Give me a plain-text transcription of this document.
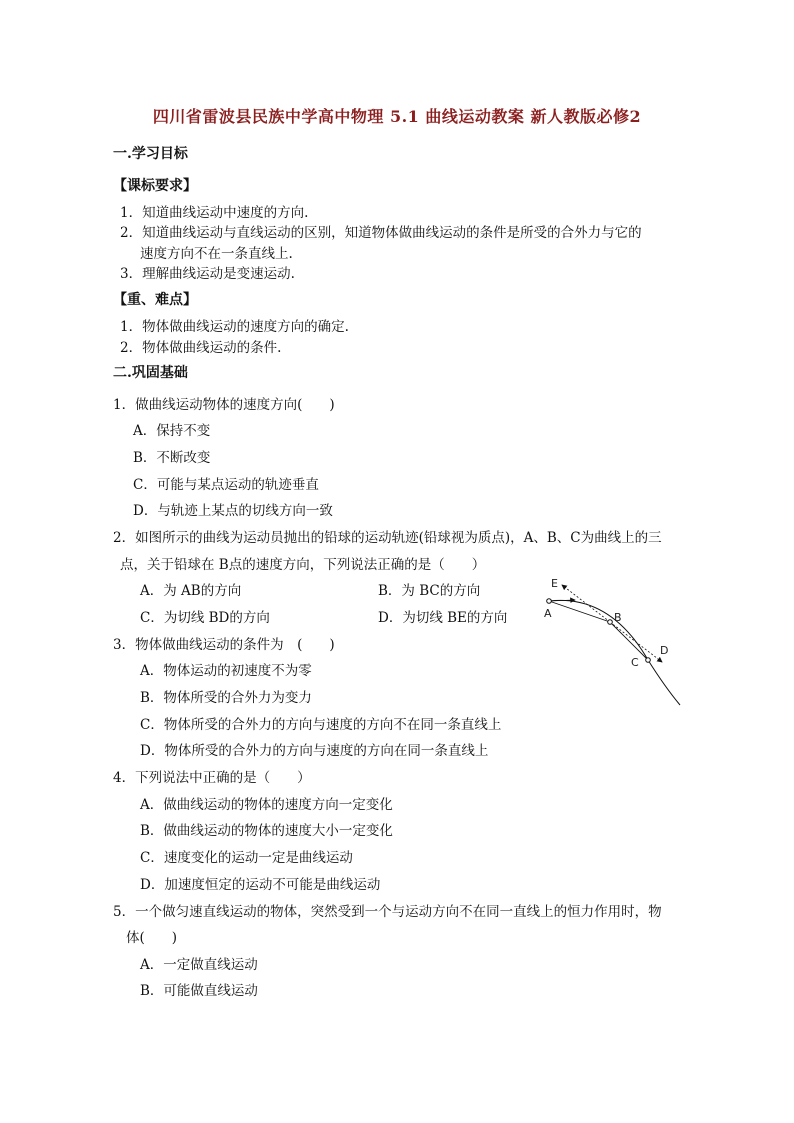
四川省雷波县民族中学高中物理 5.1 曲线运动教案 新人教版必修2
一.学习目标
【课标要求】
1．知道曲线运动中速度的方向.
2．知道曲线运动与直线运动的区别，知道物体做曲线运动的条件是所受的合外力与它的
速度方向不在一条直线上.
3．理解曲线运动是变速运动.
【重、难点】
1．物体做曲线运动的速度方向的确定.
2．物体做曲线运动的条件.
二.巩固基础
1．做曲线运动物体的速度方向(　　)
A．保持不变
B．不断改变
C．可能与某点运动的轨迹垂直
D．与轨迹上某点的切线方向一致
2．如图所示的曲线为运动员抛出的铅球的运动轨迹(铅球视为质点)，A、B、C为曲线上的三
点，关于铅球在 B点的速度方向，下列说法正确的是（　　）
A．为 AB的方向	B．为 BC的方向
C．为切线 BD的方向	D．为切线 BE的方向
E
A	B
C
D
3．物体做曲线运动的条件为　(　　)
A．物体运动的初速度不为零
B．物体所受的合外力为变力
C．物体所受的合外力的方向与速度的方向不在同一条直线上
D．物体所受的合外力的方向与速度的方向在同一条直线上
4．下列说法中正确的是（　　）
A．做曲线运动的物体的速度方向一定变化
B．做曲线运动的物体的速度大小一定变化
C．速度变化的运动一定是曲线运动
D．加速度恒定的运动不可能是曲线运动
5．一个做匀速直线运动的物体，突然受到一个与运动方向不在同一直线上的恒力作用时，物
体(　　)
A．一定做直线运动
B．可能做直线运动
